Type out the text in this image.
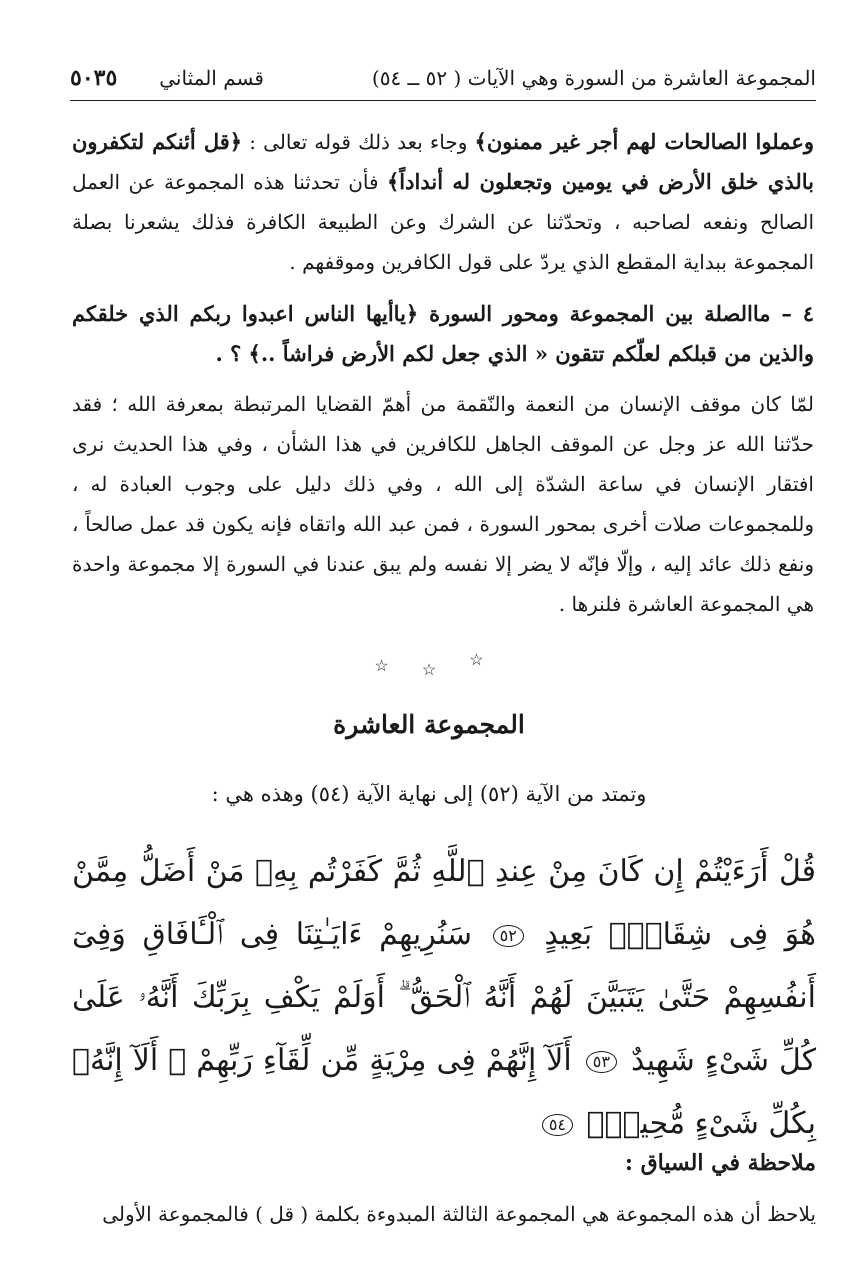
المجموعة العاشرة من السورة وهي الآيات ( ٥٢ ــ ٥٤)
قسم المثاني
٥٠٣٥

وعملوا الصالحات لهم أجر غير ممنون﴾ وجاء بعد ذلك قوله تعالى : ﴿قل أئنكم لتكفرون بالذي خلق الأرض في يومين وتجعلون له أنداداً﴾ فأن تحدثنا هذه المجموعة عن العمل الصالح ونفعه لصاحبه ، وتحدّثنا عن الشرك وعن الطبيعة الكافرة فذلك يشعرنا بصلة المجموعة ببداية المقطع الذي يردّ على قول الكافرين وموقفهم .

٤ – ماالصلة بين المجموعة ومحور السورة ﴿ياأيها الناس اعبدوا ربكم الذي خلقكم والذين من قبلكم لعلّكم تتقون « الذي جعل لكم الأرض فراشاً ..﴾ ؟ .

لمّا كان موقف الإنسان من النعمة والنّقمة من أهمّ القضايا المرتبطة بمعرفة الله ؛ فقد حدّثنا الله عز وجل عن الموقف الجاهل للكافرين في هذا الشأن ، وفي هذا الحديث نرى افتقار الإنسان في ساعة الشدّة إلى الله ، وفي ذلك دليل على وجوب العبادة له ، وللمجموعات صلات أخرى بمحور السورة ، فمن عبد الله واتقاه فإنه يكون قد عمل صالحاً ، ونفع ذلك عائد إليه ، وإلّا فإنّه لا يضر إلا نفسه ولم يبق عندنا في السورة إلا مجموعة واحدة هي المجموعة العاشرة فلنرها .

☆ ☆ ☆
المجموعة العاشرة
وتمتد من الآية (٥٢) إلى نهاية الآية (٥٤) وهذه هي :
قُلْ أَرَءَيْتُمْ إِن كَانَ مِنْ عِندِ ٱللَّهِ ثُمَّ كَفَرْتُم بِهِۦ مَنْ أَضَلُّ مِمَّنْ هُوَ فِى شِقَاقٍۭ بَعِيدٍ ٥٢ سَنُرِيهِمْ ءَايَـٰتِنَا فِى ٱلْـَٔافَاقِ وَفِىٓ أَنفُسِهِمْ حَتَّىٰ يَتَبَيَّنَ لَهُمْ أَنَّهُ ٱلْحَقُّ ۗ أَوَلَمْ يَكْفِ بِرَبِّكَ أَنَّهُۥ عَلَىٰ كُلِّ شَىْءٍ شَهِيدٌ ٥٣ أَلَآ إِنَّهُمْ فِى مِرْيَةٍ مِّن لِّقَآءِ رَبِّهِمْ ۗ أَلَآ إِنَّهُۥ بِكُلِّ شَىْءٍ مُّحِيطٌۢ ٥٤
ملاحظة في السياق :
يلاحظ أن هذه المجموعة هي المجموعة الثالثة المبدوءة بكلمة ( قل ) فالمجموعة الأولى
